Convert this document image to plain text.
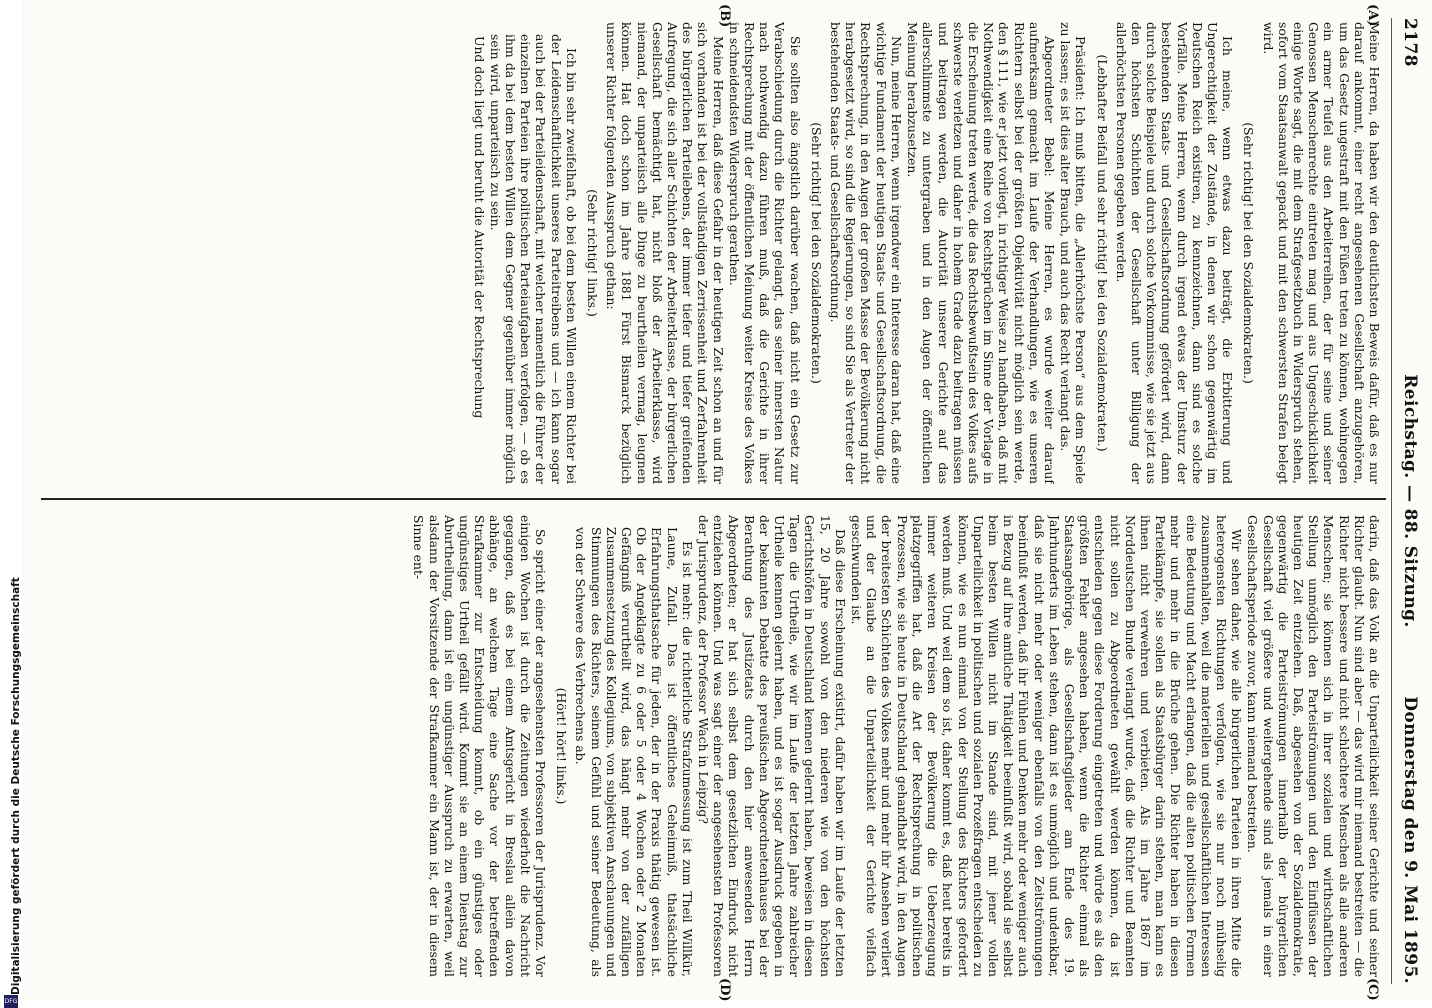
2178
Reichstag. — 88. Sitzung.
Donnerstag den 9. Mai 1895.
(A)
(B)
(C)
(D)

Meine Herren, da haben wir den deutlichsten Beweis dafür, daß es nur darauf ankommt, einer recht angesehenen Gesellschaft anzugehören, um das Gesetz ungestraft mit den Füßen treten zu können, wohingegen ein armer Teufel aus den Arbeiterreihen, der für seine und seiner Genossen Menschenrechte eintreten mag und aus Ungeschicklichkeit einige Worte sagt, die mit dem Strafgesetzbuch in Widerspruch stehen, sofort vom Staatsanwalt gepackt und mit den schwersten Strafen belegt wird.

(Sehr richtig! bei den Sozialdemokraten.)

Ich meine, wenn etwas dazu beiträgt, die Erbitterung und Ungerechtigkeit der Zustände, in denen wir schon gegenwärtig im Deutschen Reich existiren, zu kennzeichnen, dann sind es solche Vorfälle. Meine Herren, wenn durch irgend etwas der Umsturz der bestehenden Staats- und Gesellschaftsordnung gefördert wird, dann durch solche Beispiele und durch solche Vorkommnisse, wie sie jetzt aus den höchsten Schichten der Gesellschaft unter Billigung der allerhöchsten Personen gegeben werden.

(Lebhafter Beifall und sehr richtig! bei den Sozialdemokraten.)

Präsident: Ich muß bitten, die „Allerhöchste Person“ aus dem Spiele zu lassen; es ist dies alter Brauch, und auch das Recht verlangt das.

Abgeordneter Bebel: Meine Herren, es wurde weiter darauf aufmerksam gemacht im Laufe der Verhandlungen, wie es unseren Richtern selbst bei der größten Objektivität nicht möglich sein werde, den § 111, wie er jetzt vorliegt, in richtiger Weise zu handhaben, daß mit Nothwendigkeit eine Reihe von Rechtsprüchen im Sinne der Vorlage in die Erscheinung treten werde, die das Rechtsbewußtsein des Volkes aufs schwerste verletzen und daher in hohem Grade dazu beitragen müssen und beitragen werden, die Autorität unserer Gerichte auf das allerschlimmste zu untergraben und in den Augen der öffentlichen Meinung herabzusetzen.

Nun, meine Herren, wenn irgendwer ein Interesse daran hat, daß eine wichtige Fundament der heutigen Staats- und Gesellschaftsordnung, die Rechtsprechung, in den Augen der großen Masse der Bevölkerung nicht herabgesetzt wird, so sind die Regierungen, so sind Sie als Vertreter der bestehenden Staats- und Gesellschaftsordnung.

(Sehr richtig! bei den Sozialdemokraten.)

Sie sollten also ängstlich darüber wachen, daß nicht ein Gesetz zur Verabschiedung durch die Richter gelangt, das seiner innersten Natur nach nothwendig dazu führen muß, daß die Gerichte in ihrer Rechtsprechung mit der öffentlichen Meinung weiter Kreise des Volkes in schneidendsten Widerspruch gerathen.

Meine Herren, daß diese Gefahr in der heutigen Zeit schon an und für sich vorhanden ist bei der vollständigen Zerrissenheit und Zerfahrenheit des bürgerlichen Parteilebens, der immer tiefer und tiefer greifenden Aufregung, die sich aller Schichten der Arbeiterklasse, der bürgerlichen Gesellschaft bemächtigt hat, nicht bloß der Arbeiterklasse, wird niemand, der unparteiisch alle Dinge zu beurtheilen vermag, leugnen können. Hat doch schon im Jahre 1881 Fürst Bismarck bezüglich unserer Richter folgenden Ausspruch gethan:

(Sehr richtig! links.)

Ich bin sehr zweifelhaft, ob bei dem besten Willen einem Richter bei der Leidenschaftlichkeit unseres Parteitreibens und — ich kann sogar auch bei der Parteileidenschaft, mit welcher namentlich die Führer der einzelnen Parteien ihre politischen Parteiaufgaben verfolgen, — ob es ihm da bei dem besten Willen dem Gegner gegenüber immer möglich sein wird, unparteiisch zu sein.

Und doch liegt und beruht die Autorität der Rechtsprechung

darin, daß das Volk an die Unparteilichkeit seiner Gerichte und seiner Richter glaubt. Nun sind aber — das wird mir niemand bestreiten — die Richter nicht bessere und nicht schlechtere Menschen als alle anderen Menschen; sie können sich in ihrer sozialen und wirthschaftlichen Stellung unmöglich den Parteiströmungen und den Einflüssen der heutigen Zeit entziehen. Daß, abgesehen von der Sozialdemokratie, gegenwärtig die Parteiströmungen innerhalb der bürgerlichen Gesellschaft viel größere und weitergehende sind als jemals in einer Gesellschaftsperiode zuvor, kann niemand bestreiten.

Wir sehen daher, wie alle bürgerlichen Parteien in ihren Mitte die heterogensten Richtungen verfolgen, wie sie nur noch mühselig zusammenhalten, weil die materiellen und gesellschaftlichen Interessen eine Bedeutung und Macht erlangen, daß die alten politischen Formen mehr und mehr in die Brüche gehen. Die Richter haben in diesen Parteikämpfe, sie sollen als Staatsbürger darin stehen, man kann es ihnen nicht verwehren und verbieten. Als im Jahre 1867 im Norddeutschen Bunde verlangt wurde, daß die Richter und Beamten nicht sollen zu Abgeordneten gewählt werden können, da ist entschieden gegen diese Forderung eingetreten und würde es als den größten Fehler angesehen haben, wenn die Richter einmal als Staatsangehörige, als Gesellschaftsglieder am Ende des 19. Jahrhunderts im Leben stehen, dann ist es unmöglich und undenkbar, daß sie nicht mehr oder weniger ebenfalls von den Zeitströmungen beeinflußt werden, daß ihr Fühlen und Denken mehr oder weniger auch in Bezug auf ihre amtliche Thätigkeit beeinflußt wird, sobald sie selbst beim besten Willen nicht im Stande sind, mit jener vollen Unparteilichkeit in politischen und sozialen Prozeßfragen entscheiden zu können, wie es nun einmal von der Stellung des Richters gefordert werden muß. Und weil dem so ist, daher kommt es, daß heut bereits in immer weiteren Kreisen der Bevölkerung die Ueberzeugung platzgegriffen hat, daß die Art der Rechtsprechung in politischen Prozessen, wie sie heute in Deutschland gehandhabt wird, in den Augen der breitesten Schichten des Volkes mehr und mehr ihr Ansehen verliert und der Glaube an die Unparteilichkeit der Gerichte vielfach geschwunden ist.

Daß diese Erscheinung existirt, dafür haben wir im Laufe der letzten 15, 20 Jahre sowohl von den niederen wie von den höchsten Gerichtshöfen in Deutschland kennen gelernt haben, beweisen in diesen Tagen die Urtheile, wie wir im Laufe der letzten Jahre zahlreicher Urtheile kennen gelernt haben, und es ist sogar Ausdruck gegeben in der bekannten Debatte des preußischen Abgeordnetenhauses bei der Berathung des Justizetats durch den hier anwesenden Herrn Abgeordneten; er hat sich selbst dem gesetzlichen Eindruck nicht entziehen können. Und was sagt einer der angesehensten Professoren der Jurisprudenz, der Professor Wach in Leipzig?

Es ist mehr: die richterliche Strafzumessung ist zum Theil Willkür, Laune, Zufall. Das ist öffentliches Geheimniß, thatsächliche Erfahrungsthatsache für jeden, der in der Praxis thätig gewesen ist. Ob der Angeklagte zu 6 oder 5 oder 4 Wochen oder 2 Monaten Gefängniß verurtheilt wird, das hängt mehr von der zufälligen Zusammensetzung des Kollegiums, von subjektiven Anschauungen und Stimmungen des Richters, seinem Gefühl und seiner Bedeutung, als von der Schwere des Verbrechens ab.

(Hört! hört! links.)

So spricht einer der angesehensten Professoren der Jurisprudenz. Vor einigen Wochen ist durch die Zeitungen wiederholt die Nachricht gegangen, daß es bei einem Amtsgericht in Breslau allein davon abhänge, an welchem Tage eine Sache vor der betreffenden Strafkammer zur Entscheidung kommt, ob ein günstiges oder ungünstiges Urtheil gefällt wird. Kommt sie an einem Dienstag zur Aburtheilung, dann ist ein ungünstiger Ausspruch zu erwarten, weil alsdann der Vorsitzende der Strafkammer ein Mann ist, der in diesem Sinne ent-

Digitalisierung gefördert durch die Deutsche Forschungsgemeinschaft
DFG
